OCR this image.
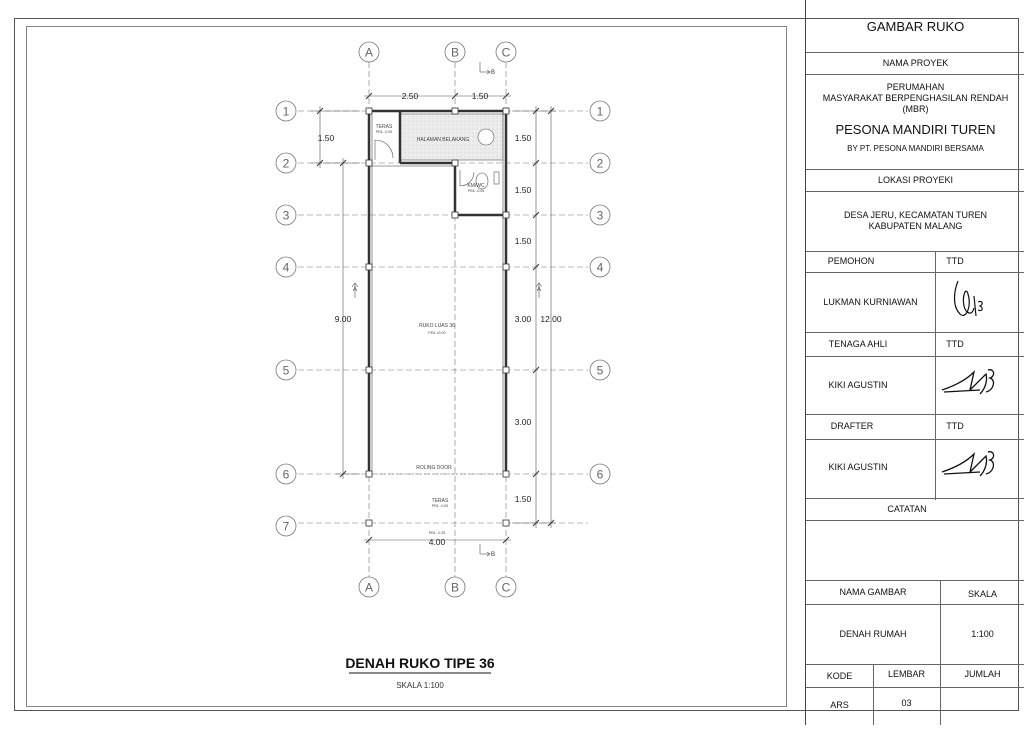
A	B	C
A	B	C
1
2
3
4
5
6
7
1
2
3
4
5
6
TERAS
PEIL -0.05
HALAMAN BELAKANG
KM/WC
PEIL -0.05
RUKO LUAS 36
PEIL ±0.00
ROLING DOOR
TERAS
PEIL -0.05
PEIL -0.25
2.50	1.50
4.00
1.50
9.00
1.50
1.50
1.50
3.00
3.00
1.50
12.00
A	A
B
B
DENAH RUKO TIPE 36
SKALA 1:100
GAMBAR RUKO
NAMA PROYEK
PERUMAHAN
MASYARAKAT BERPENGHASILAN RENDAH
(MBR)
PESONA MANDIRI TUREN
BY PT. PESONA MANDIRI BERSAMA
LOKASI PROYEKI
DESA JERU, KECAMATAN TUREN
KABUPATEN MALANG
PEMOHON	TTD
LUKMAN KURNIAWAN
TENAGA AHLI	TTD
KIKI AGUSTIN
DRAFTER	TTD
KIKI AGUSTIN
CATATAN
NAMA GAMBAR	SKALA
DENAH RUMAH	1:100
KODE	LEMBAR	JUMLAH
ARS	03
